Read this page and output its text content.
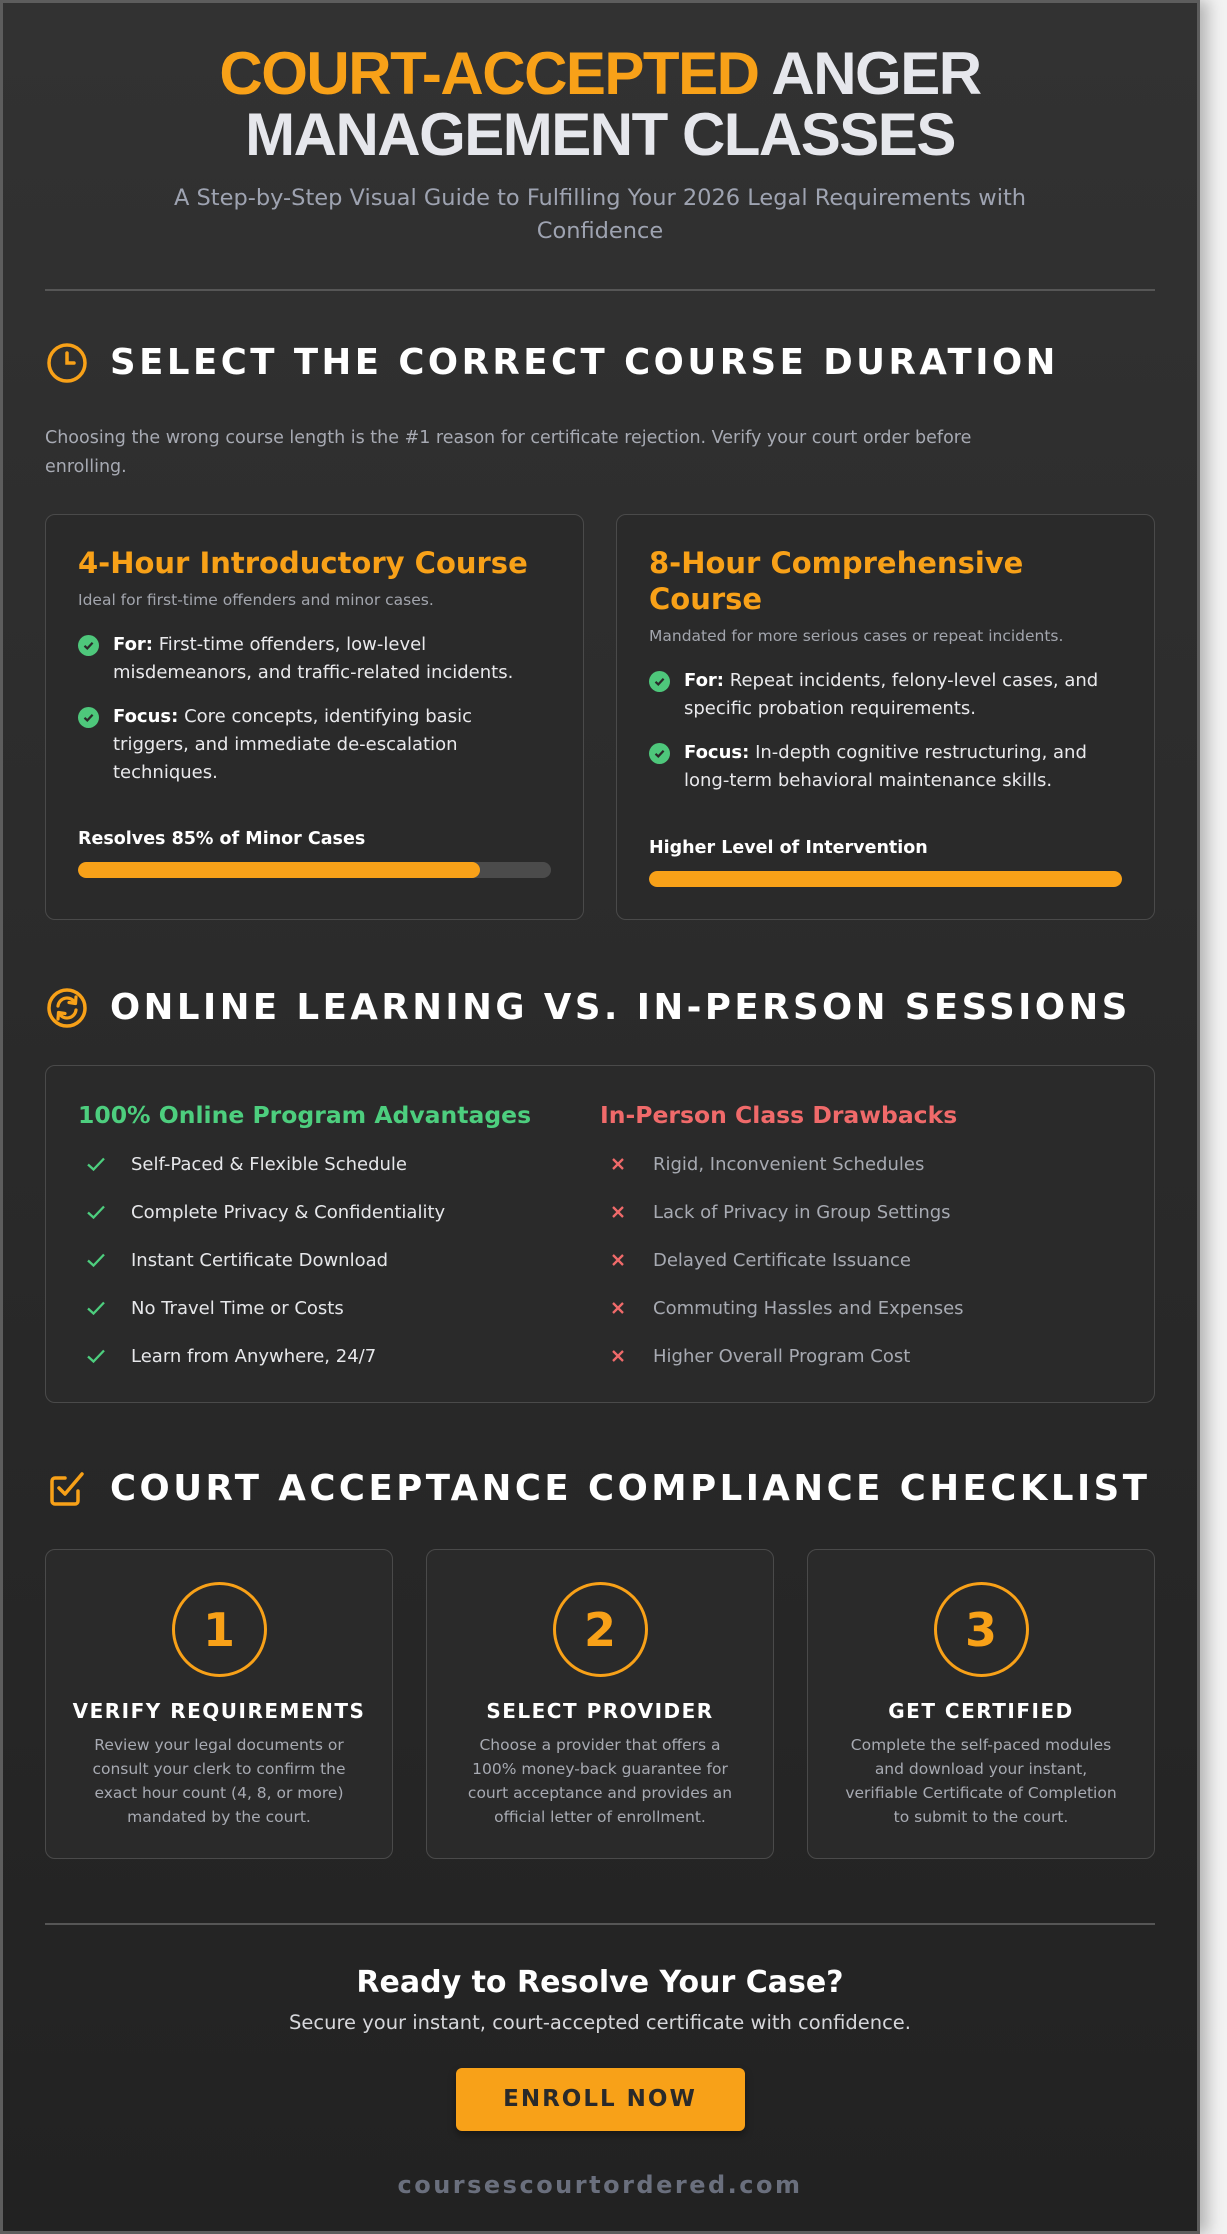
COURT-ACCEPTED ANGER
MANAGEMENT CLASSES

A Step-by-Step Visual Guide to Fulfilling Your 2026 Legal Requirements with Confidence

SELECT THE CORRECT COURSE DURATION

Choosing the wrong course length is the #1 reason for certificate rejection. Verify your court order before enrolling.

4-Hour Introductory Course

Ideal for first-time offenders and minor cases.

For: First-time offenders, low-level misdemeanors, and traffic-related incidents.
Focus: Core concepts, identifying basic triggers, and immediate de-escalation techniques.
Resolves 85% of Minor Cases
8-Hour Comprehensive Course

Mandated for more serious cases or repeat incidents.

For: Repeat incidents, felony-level cases, and specific probation requirements.
Focus: In-depth cognitive restructuring, and long-term behavioral maintenance skills.
Higher Level of Intervention
ONLINE LEARNING VS. IN-PERSON SESSIONS
100% Online Program Advantages
Self-Paced & Flexible Schedule
Complete Privacy & Confidentiality
Instant Certificate Download
No Travel Time or Costs
Learn from Anywhere, 24/7
In-Person Class Drawbacks
Rigid, Inconvenient Schedules
Lack of Privacy in Group Settings
Delayed Certificate Issuance
Commuting Hassles and Expenses
Higher Overall Program Cost
COURT ACCEPTANCE COMPLIANCE CHECKLIST
1
VERIFY REQUIREMENTS

Review your legal documents or consult your clerk to confirm the exact hour count (4, 8, or more) mandated by the court.

2
SELECT PROVIDER

Choose a provider that offers a 100% money-back guarantee for court acceptance and provides an official letter of enrollment.

3
GET CERTIFIED

Complete the self-paced modules and download your instant, verifiable Certificate of Completion to submit to the court.

Ready to Resolve Your Case?

Secure your instant, court-accepted certificate with confidence.

ENROLL NOW
coursescourtordered.com
